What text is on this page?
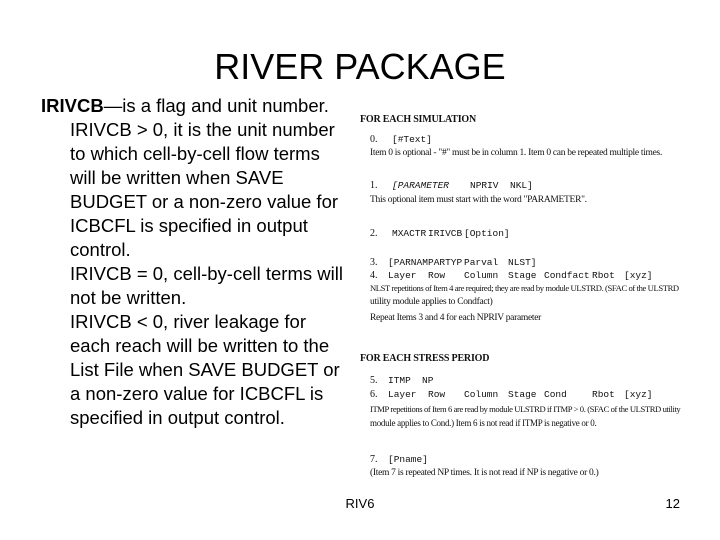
RIVER PACKAGE

IRIVCB—is a flag and unit number.

IRIVCB > 0, it is the unit number to which cell-by-cell flow terms will be written when SAVE BUDGET or a non-zero value for ICBCFL is specified in output control.

IRIVCB = 0, cell-by-cell terms will not be written.

IRIVCB < 0, river leakage for each reach will be written to the List File when SAVE BUDGET or a non-zero value for ICBCFL is specified in output control.

FOR EACH SIMULATION
0. [#Text]
Item 0 is optional - "#" must be in column 1. Item 0 can be repeated multiple times.
1. [PARAMETER NPRIV NKL]
This optional item must start with the word "PARAMETER".
2. MXACTR IRIVCB [Option]
3. [PARNAM PARTYP Parval NLST]
4. Layer Row Column Stage Condfact Rbot [xyz]
NLST repetitions of Item 4 are required; they are read by module ULSTRD. (SFAC of the ULSTRD
utility module applies to Condfact)
Repeat Items 3 and 4 for each NPRIV parameter
FOR EACH STRESS PERIOD
5. ITMP NP
6. Layer Row Column Stage Cond	Rbot [xyz]
ITMP repetitions of Item 6 are read by module ULSTRD if ITMP > 0. (SFAC of the ULSTRD utility
module applies to Cond.) Item 6 is not read if ITMP is negative or 0.
7. [Pname]
(Item 7 is repeated NP times. It is not read if NP is negative or 0.)
RIV6	12
